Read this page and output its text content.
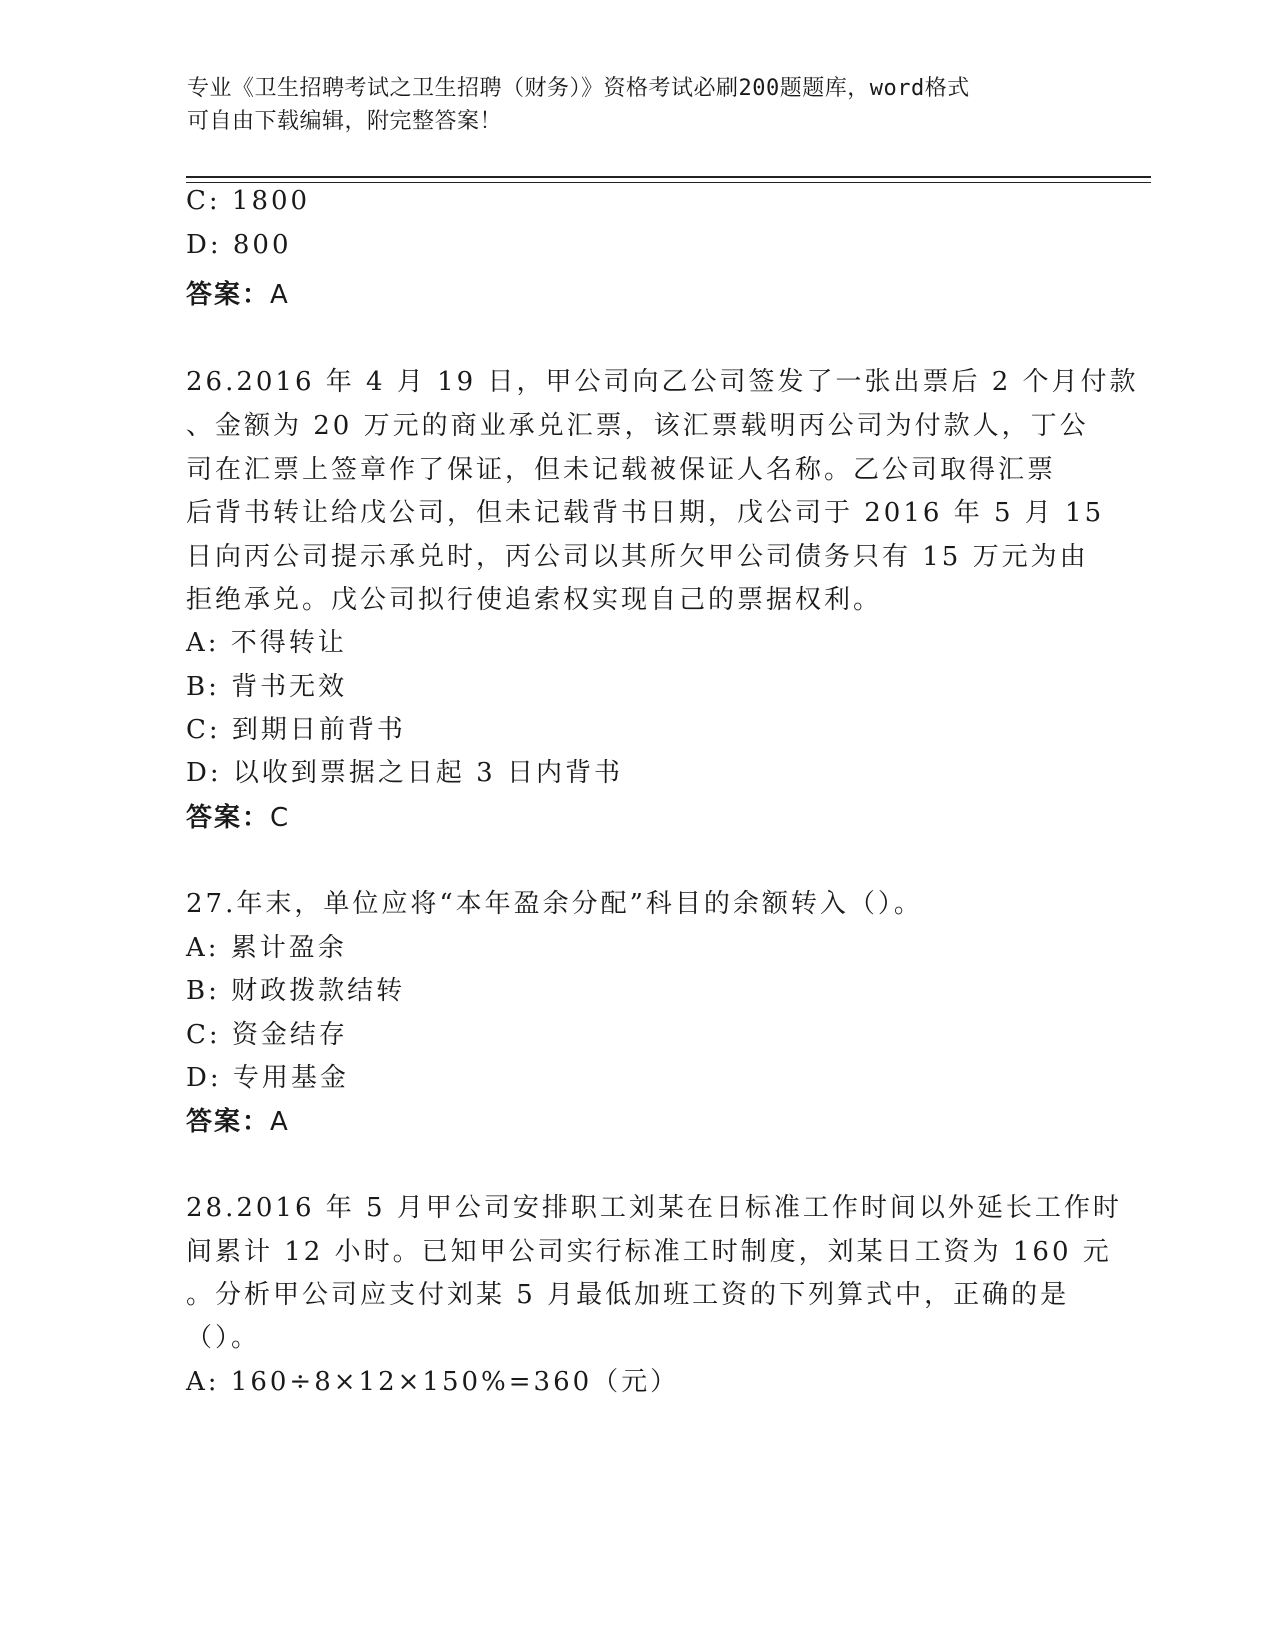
专业《卫生招聘考试之卫生招聘（财务）》资格考试必刷200题题库，word格式
可自由下载编辑，附完整答案！
C: 1800
D: 800
答案：A
26.2016 年 4 月 19 日，甲公司向乙公司签发了一张出票后 2 个月付款
、金额为 20 万元的商业承兑汇票，该汇票载明丙公司为付款人，丁公
司在汇票上签章作了保证，但未记载被保证人名称。乙公司取得汇票
后背书转让给戊公司，但未记载背书日期，戊公司于 2016 年 5 月 15
日向丙公司提示承兑时，丙公司以其所欠甲公司债务只有 15 万元为由
拒绝承兑。戊公司拟行使追索权实现自己的票据权利。
A: 不得转让
B: 背书无效
C: 到期日前背书
D: 以收到票据之日起 3 日内背书
答案：C
27.年末，单位应将“本年盈余分配”科目的余额转入（）。
A: 累计盈余
B: 财政拨款结转
C: 资金结存
D: 专用基金
答案：A
28.2016 年 5 月甲公司安排职工刘某在日标准工作时间以外延长工作时
间累计 12 小时。已知甲公司实行标准工时制度，刘某日工资为 160 元
。分析甲公司应支付刘某 5 月最低加班工资的下列算式中，正确的是
（）。
A: 160÷8×12×150%=360（元）
